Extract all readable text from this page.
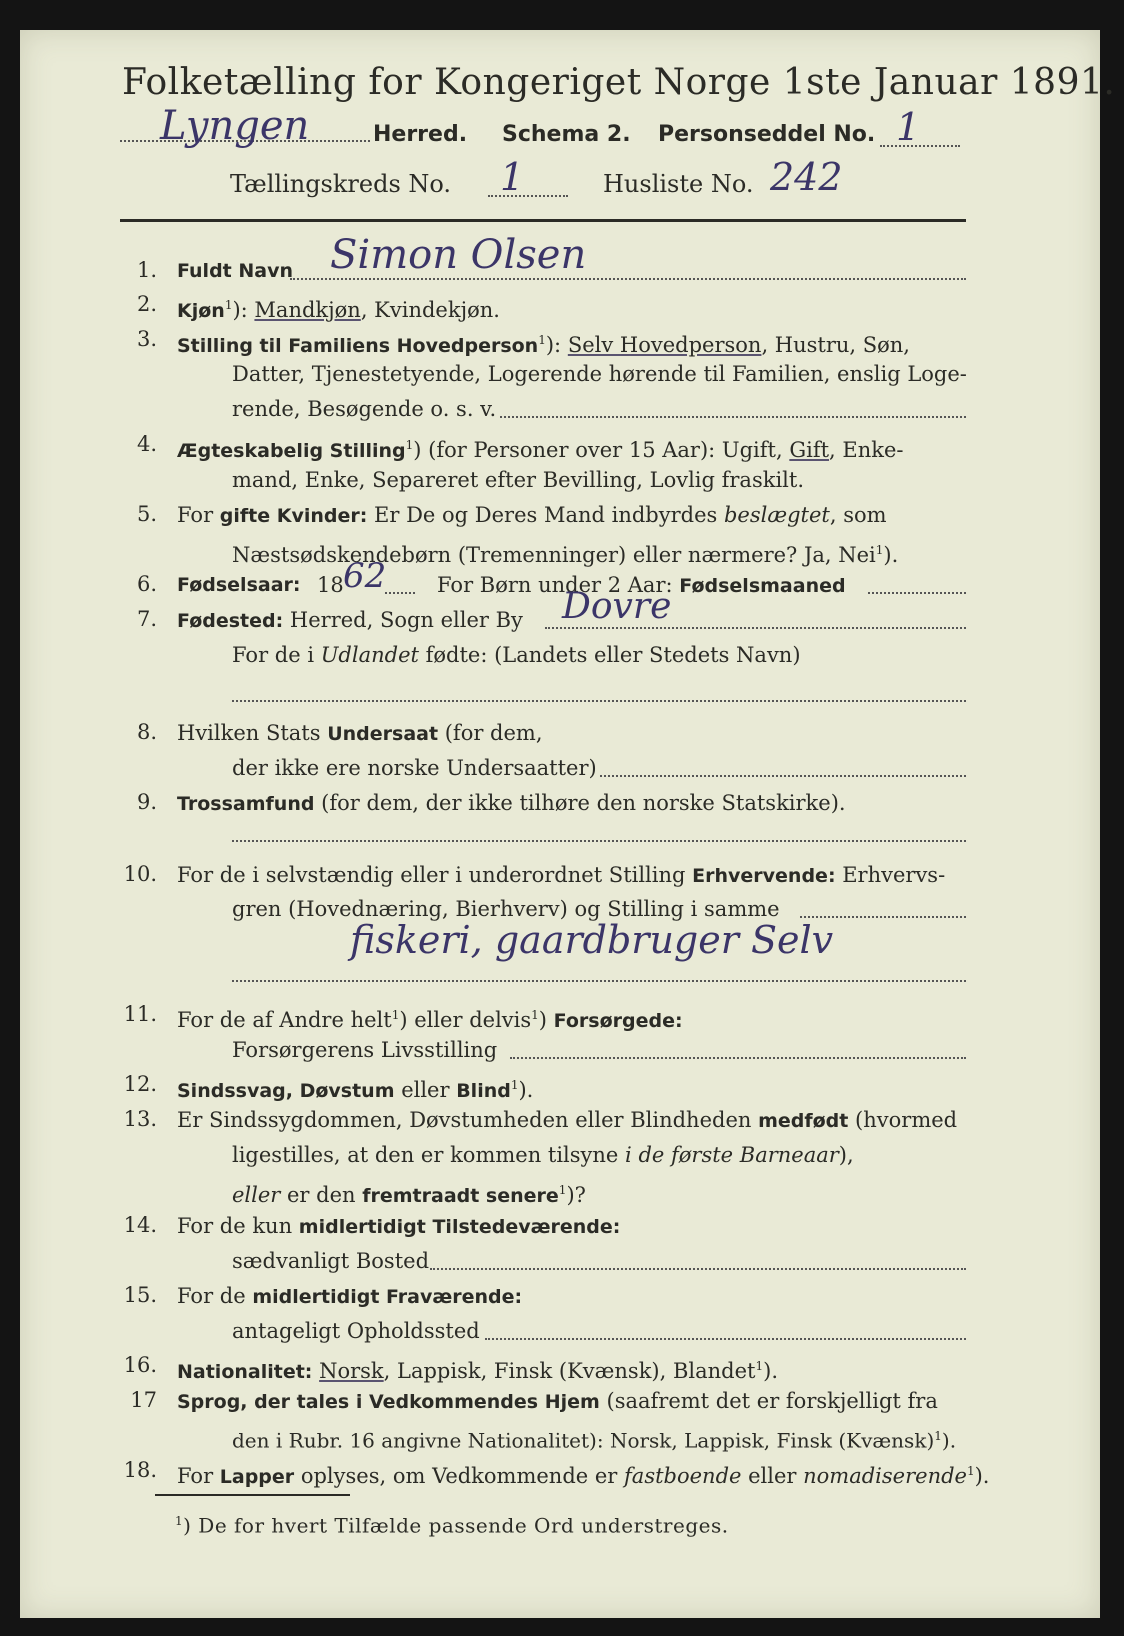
Folketælling for Kongeriget Norge 1ste Januar 1891.
Lyngen	Herred. Schema 2. Personseddel No. 1
Tællingskreds No. 1	Husliste No. 242
1. Fuldt Navn Simon Olsen
2. Kjøn$^1$): Mandkjøn, Kvindekjøn.
3. Stilling til Familiens Hovedperson$^1$): Selv Hovedperson, Hustru, Søn,
Datter, Tjenestetyende, Logerende hørende til Familien, enslig Loge-
rende, Besøgende o. s. v.
4. Ægteskabelig Stilling$^1$) (for Personer over 15 Aar): Ugift, Gift, Enke-
mand, Enke, Separeret efter Bevilling, Lovlig fraskilt.
5. For gifte Kvinder: Er De og Deres Mand indbyrdes beslægtet, som
Næstsødskendebørn (Tremenninger) eller nærmere? Ja, Nei$^1$).
6. Fødselsaar: 18 62 For Børn under 2 Aar: Fødselsmaaned
7. Fødested: Herred, Sogn eller By Dovre
For de i Udlandet fødte: (Landets eller Stedets Navn)
8. Hvilken Stats Undersaat (for dem,
der ikke ere norske Undersaatter)
9. Trossamfund (for dem, der ikke tilhøre den norske Statskirke).
10. For de i selvstændig eller i underordnet Stilling Erhvervende: Erhvervs-
gren (Hovednæring, Bierhverv) og Stilling i samme
fiskeri, gaardbruger Selv
11. For de af Andre helt$^1$) eller delvis$^1$) Forsørgede:
Forsørgerens Livsstilling
12. Sindssvag, Døvstum eller Blind$^1$).
13. Er Sindssygdommen, Døvstumheden eller Blindheden medfødt (hvormed
ligestilles, at den er kommen tilsyne i de første Barneaar),
eller er den fremtraadt senere$^1$)?
14. For de kun midlertidigt Tilstedeværende:
sædvanligt Bosted
15. For de midlertidigt Fraværende:
antageligt Opholdssted
16. Nationalitet: Norsk, Lappisk, Finsk (Kvænsk), Blandet$^1$).
17 Sprog, der tales i Vedkommendes Hjem (saafremt det er forskjelligt fra
den i Rubr. 16 angivne Nationalitet): Norsk, Lappisk, Finsk (Kvænsk)$^1$).
18. For Lapper oplyses, om Vedkommende er fastboende eller nomadiserende$^1$).
$^1$) De for hvert Tilfælde passende Ord understreges.
